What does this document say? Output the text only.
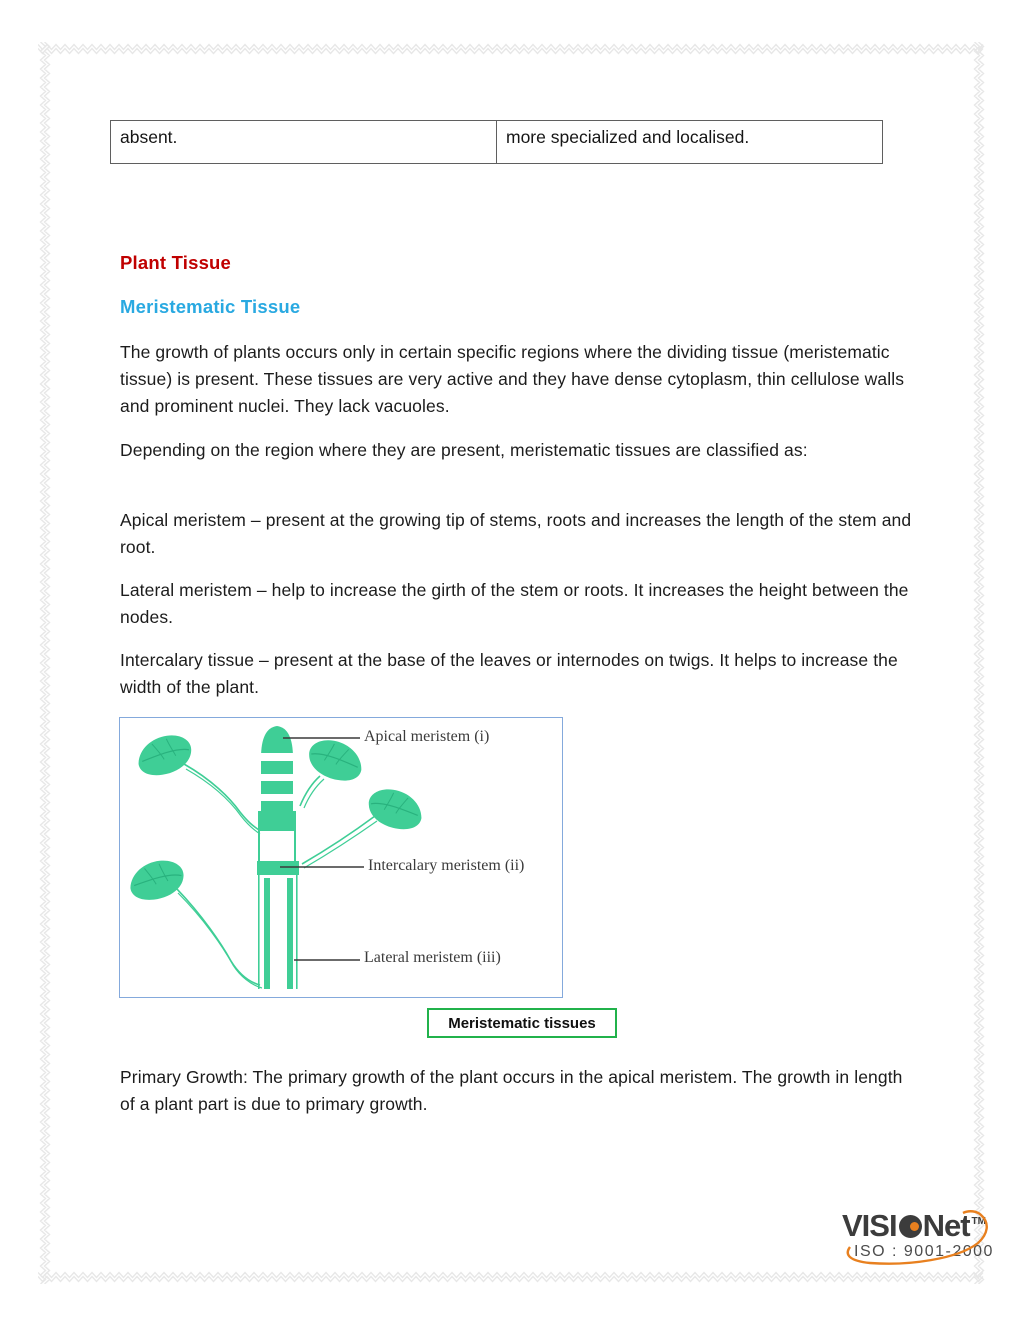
absent.	more specialized and localised.
Plant Tissue
Meristematic Tissue
The growth of plants occurs only in certain specific regions where the dividing tissue (meristematic tissue) is present. These tissues are very active and they have dense cytoplasm, thin cellulose walls and prominent nuclei. They lack vacuoles.
Depending on the region where they are present, meristematic tissues are classified as:
Apical meristem – present at the growing tip of stems, roots and increases the length of the stem and root.
Lateral meristem – help to increase the girth of the stem or roots. It increases the height between the nodes.
Intercalary tissue – present at the base of the leaves or internodes on twigs. It helps to increase the width of the plant.
Apical meristem (i)
Intercalary meristem (ii)
Lateral meristem (iii)
Meristematic tissues
Primary Growth: The primary growth of the plant occurs in the apical meristem. The growth in length of a plant part is due to primary growth.
VISI Net TM
ISO : 9001-2000
